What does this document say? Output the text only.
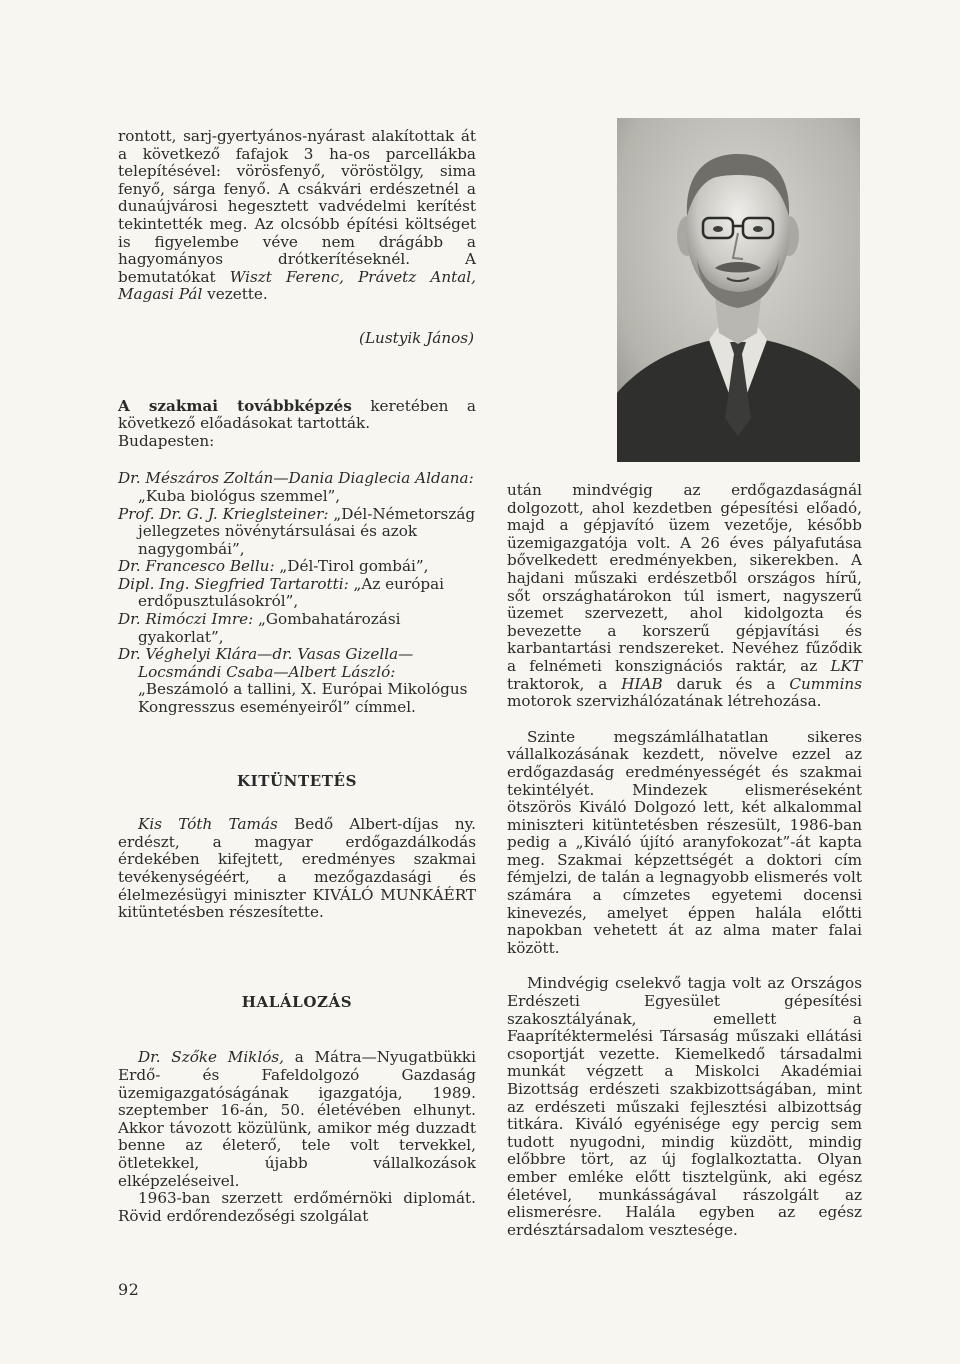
rontott, sarj-gyertyános-nyárast alakítottak át a következő fafajok 3 ha-os parcellákba telepítésével: vörösfenyő, vöröstölgy, sima fenyő, sárga fenyő. A csákvári erdészetnél a dunaújvárosi hegesztett vadvédelmi kerítést tekintették meg. Az olcsóbb építési költséget is figyelembe véve nem drágább a hagyományos drótkerítéseknél. A bemutatókat Wiszt Ferenc, Právetz Antal, Magasi Pál vezette.

(Lustyik János)

A szakmai továbbképzés keretében a következő előadásokat tartották.
Budapesten:

Dr. Mészáros Zoltán—Dania Diaglecia Aldana: „Kuba biológus szemmel”,

Prof. Dr. G. J. Krieglsteiner: „Dél-Németország jellegzetes növénytársulásai és azok nagygombái”,

Dr. Francesco Bellu: „Dél-Tirol gombái”,

Dipl. Ing. Siegfried Tartarotti: „Az európai erdőpusztulásokról”,

Dr. Rimóczi Imre: „Gombahatározási gyakorlat”,

Dr. Véghelyi Klára—dr. Vasas Gizella—Locsmándi Csaba—Albert László: „Beszámoló a tallini, X. Európai Mikológus Kongresszus eseményeiről” címmel.

KITÜNTETÉS

Kis Tóth Tamás Bedő Albert-díjas ny. erdészt, a magyar erdőgazdálkodás érdekében kifejtett, eredményes szakmai tevékenységéért, a mezőgazdasági és élelmezésügyi miniszter KIVÁLÓ MUNKÁÉRT kitüntetésben részesítette.

HALÁLOZÁS

Dr. Szőke Miklós, a Mátra—Nyugatbükki Erdő- és Fafeldolgozó Gazdaság üzemigazgatóságának igazgatója, 1989. szeptember 16-án, 50. életévében elhunyt. Akkor távozott közülünk, amikor még duzzadt benne az életerő, tele volt tervekkel, ötletekkel, újabb vállalkozások elképzeléseivel.

1963-ban szerzett erdőmérnöki diplomát. Rövid erdőrendezőségi szolgálat

után mindvégig az erdőgazdaságnál dolgozott, ahol kezdetben gépesítési előadó, majd a gépjavító üzem vezetője, később üzemigazgatója volt. A 26 éves pályafutása bővelkedett eredményekben, sikerekben. A hajdani műszaki erdészetből országos hírű, sőt országhatárokon túl ismert, nagyszerű üzemet szervezett, ahol kidolgozta és bevezette a korszerű gépjavítási és karbantartási rendszereket. Nevéhez fűződik a felnémeti konszignációs raktár, az LKT traktorok, a HIAB daruk és a Cummins motorok szervizhálózatának létrehozása.

Szinte megszámlálhatatlan sikeres vállalkozásának kezdett, növelve ezzel az erdőgazdaság eredményességét és szakmai tekintélyét. Mindezek elismeréseként ötszörös Kiváló Dolgozó lett, két alkalommal miniszteri kitüntetésben részesült, 1986-ban pedig a „Kiváló újító aranyfokozat”-át kapta meg. Szakmai képzettségét a doktori cím fémjelzi, de talán a legnagyobb elismerés volt számára a címzetes egyetemi docensi kinevezés, amelyet éppen halála előtti napokban vehetett át az alma mater falai között.

Mindvégig cselekvő tagja volt az Országos Erdészeti Egyesület gépesítési szakosztályának, emellett a Faaprítéktermelési Társaság műszaki ellátási csoportját vezette. Kiemelkedő társadalmi munkát végzett a Miskolci Akadémiai Bizottság erdészeti szakbizottságában, mint az erdészeti műszaki fejlesztési albizottság titkára. Kiváló egyénisége egy percig sem tudott nyugodni, mindig küzdött, mindig előbbre tört, az új foglalkoztatta. Olyan ember emléke előtt tisztelgünk, aki egész életével, munkásságával rászolgált az elismerésre. Halála egyben az egész erdésztársadalom vesztesége.

92
